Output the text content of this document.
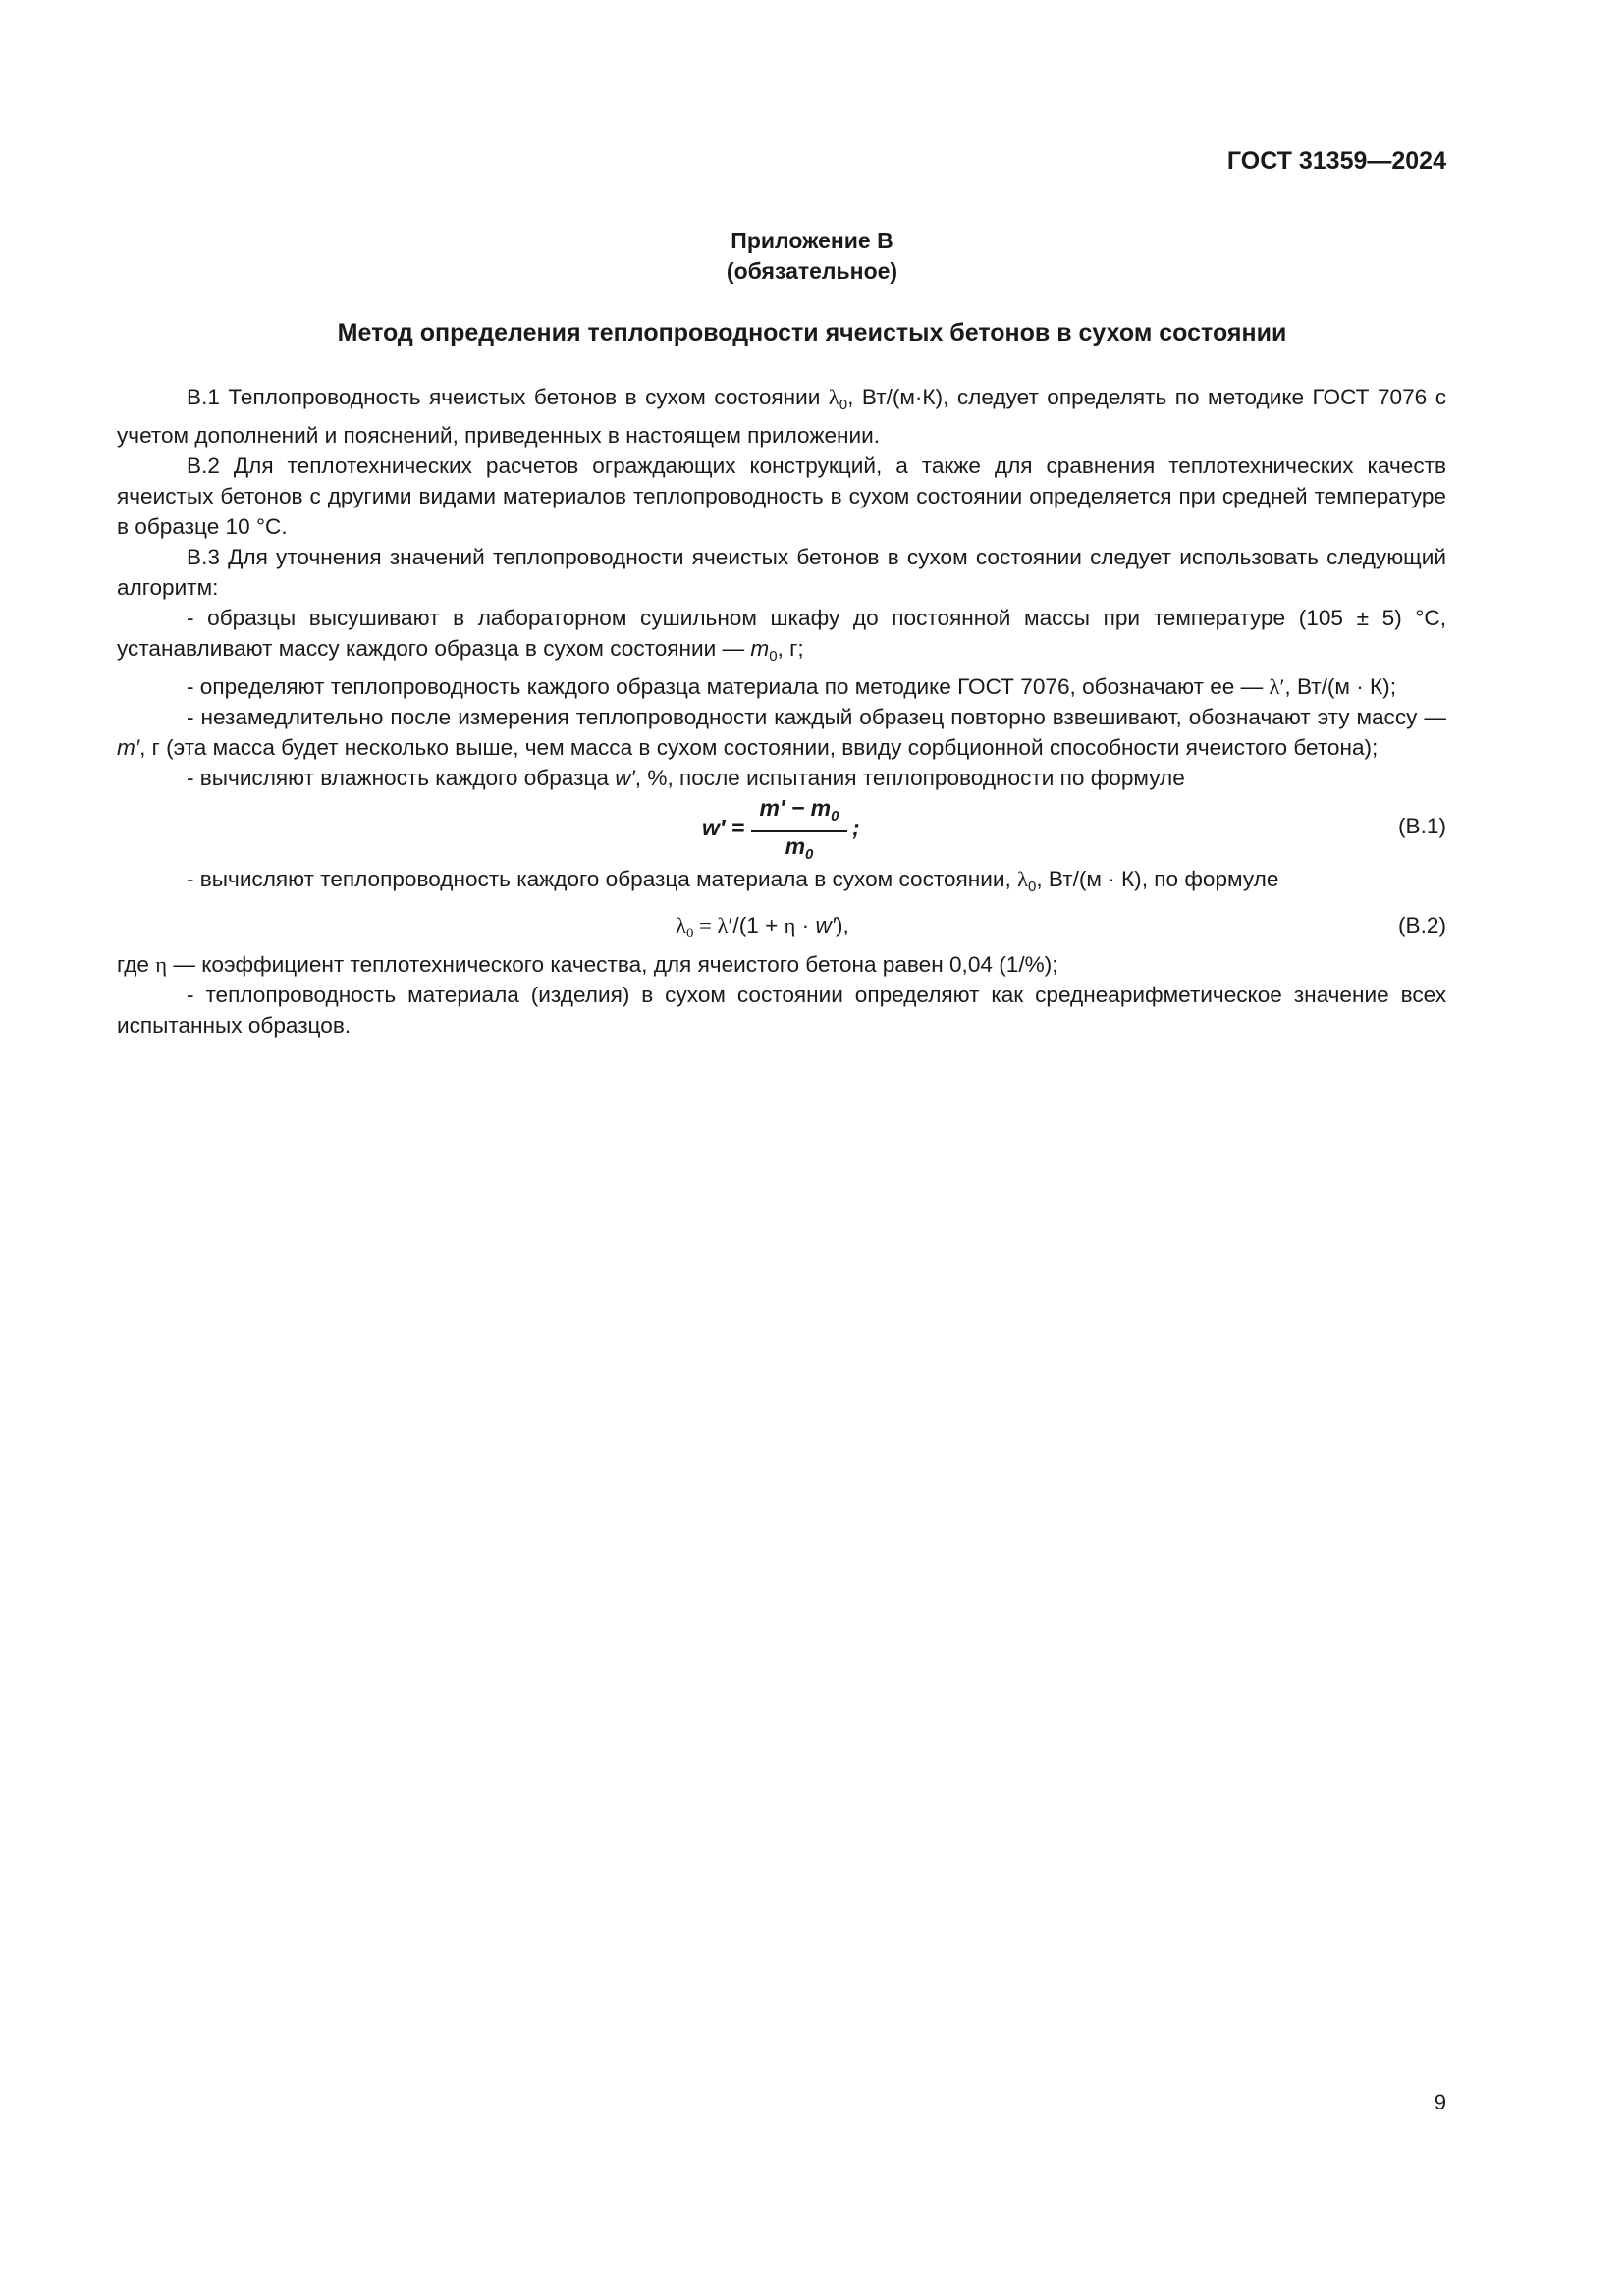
ГОСТ 31359—2024
Приложение В
(обязательное)
Метод определения теплопроводности ячеистых бетонов в сухом состоянии

В.1 Теплопроводность ячеистых бетонов в сухом состоянии $\lambda_0$, Вт/(м·К), следует определять по методике ГОСТ 7076 с учетом дополнений и пояснений, приведенных в настоящем приложении.

В.2 Для теплотехнических расчетов ограждающих конструкций, а также для сравнения теплотехнических качеств ячеистых бетонов с другими видами материалов теплопроводность в сухом состоянии определяется при средней температуре в образце 10 °С.

В.3 Для уточнения значений теплопроводности ячеистых бетонов в сухом состоянии следует использовать следующий алгоритм:

- образцы высушивают в лабораторном сушильном шкафу до постоянной массы при температуре (105 ± 5) °С, устанавливают массу каждого образца в сухом состоянии — $m_0$, г;

- определяют теплопроводность каждого образца материала по методике ГОСТ 7076, обозначают ее — λ′, Вт/(м · К);

- незамедлительно после измерения теплопроводности каждый образец повторно взвешивают, обозначают эту массу — m′, г (эта масса будет несколько выше, чем масса в сухом состоянии, ввиду сорбционной способности ячеистого бетона);

- вычисляют влажность каждого образца w′, %, после испытания теплопроводности по формуле

w′ =
$m' - m_0$
$m_0$
;	(В.1)

- вычисляют теплопроводность каждого образца материала в сухом состоянии, $\lambda_0$, Вт/(м · К), по формуле

$\lambda_0 = \lambda'/(1 + \eta \cdot w')$,	(В.2)

где η — коэффициент теплотехнического качества, для ячеистого бетона равен 0,04 (1/%);

- теплопроводность материала (изделия) в сухом состоянии определяют как среднеарифметическое значение всех испытанных образцов.

9
